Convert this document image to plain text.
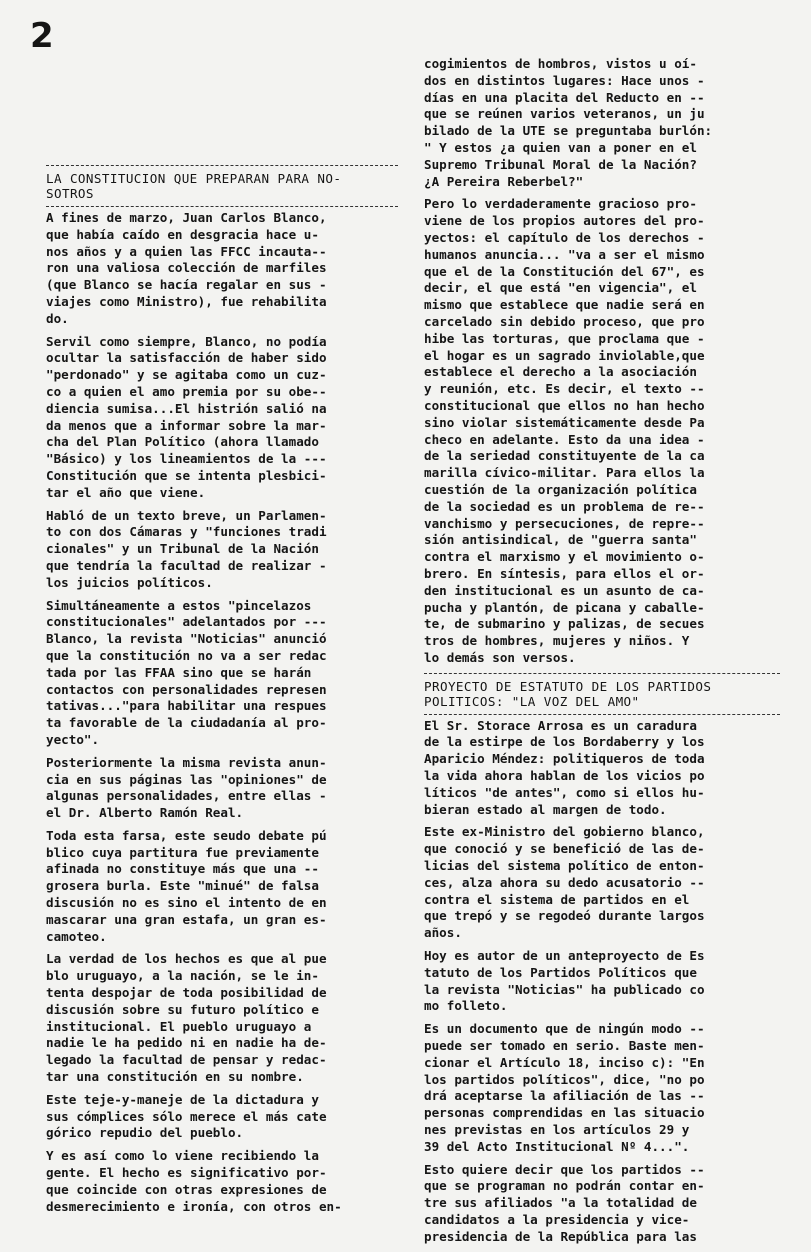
2

LA CONSTITUCION QUE PREPARAN PARA NO-
SOTROS

A fines de marzo, Juan Carlos Blanco,
que había caído en desgracia hace u-
nos años y a quien las FFCC incauta--
ron una valiosa colección de marfiles
(que Blanco se hacía regalar en sus -
viajes como Ministro), fue rehabilita
do.

Servil como siempre, Blanco, no podía
ocultar la satisfacción de haber sido
"perdonado" y se agitaba como un cuz-
co a quien el amo premia por su obe--
diencia sumisa...El histrión salió na
da menos que a informar sobre la mar-
cha del Plan Político (ahora llamado
"Básico) y los lineamientos de la ---
Constitución que se intenta plesbici-
tar el año que viene.

Habló de un texto breve, un Parlamen-
to con dos Cámaras y "funciones tradi
cionales" y un Tribunal de la Nación
que tendría la facultad de realizar -
los juicios políticos.

Simultáneamente a estos "pincelazos
constitucionales" adelantados por ---
Blanco, la revista "Noticias" anunció
que la constitución no va a ser redac
tada por las FFAA sino que se harán
contactos con personalidades represen
tativas..."para habilitar una respues
ta favorable de la ciudadanía al pro-
yecto".

Posteriormente la misma revista anun-
cia en sus páginas las "opiniones" de
algunas personalidades, entre ellas -
el Dr. Alberto Ramón Real.

Toda esta farsa, este seudo debate pú
blico cuya partitura fue previamente
afinada no constituye más que una --
grosera burla. Este "minué" de falsa
discusión no es sino el intento de en
mascarar una gran estafa, un gran es-
camoteo.

La verdad de los hechos es que al pue
blo uruguayo, a la nación, se le in-
tenta despojar de toda posibilidad de
discusión sobre su futuro político e
institucional. El pueblo uruguayo a
nadie le ha pedido ni en nadie ha de-
legado la facultad de pensar y redac-
tar una constitución en su nombre.

Este teje-y-maneje de la dictadura y
sus cómplices sólo merece el más cate
górico repudio del pueblo.

Y es así como lo viene recibiendo la
gente. El hecho es significativo por-
que coincide con otras expresiones de
desmerecimiento e ironía, con otros en-

cogimientos de hombros, vistos u oí-
dos en distintos lugares: Hace unos -
días en una placita del Reducto en --
que se reúnen varios veteranos, un ju
bilado de la UTE se preguntaba burlón:
" Y estos ¿a quien van a poner en el
Supremo Tribunal Moral de la Nación?
¿A Pereira Reberbel?"

Pero lo verdaderamente gracioso pro-
viene de los propios autores del pro-
yectos: el capítulo de los derechos -
humanos anuncia... "va a ser el mismo
que el de la Constitución del 67", es
decir, el que está "en vigencia", el
mismo que establece que nadie será en
carcelado sin debido proceso, que pro
hibe las torturas, que proclama que -
el hogar es un sagrado inviolable,que
establece el derecho a la asociación
y reunión, etc. Es decir, el texto --
constitucional que ellos no han hecho
sino violar sistemáticamente desde Pa
checo en adelante. Esto da una idea -
de la seriedad constituyente de la ca
marilla cívico-militar. Para ellos la
cuestión de la organización política
de la sociedad es un problema de re--
vanchismo y persecuciones, de repre--
sión antisindical, de "guerra santa"
contra el marxismo y el movimiento o-
brero. En síntesis, para ellos el or-
den institucional es un asunto de ca-
pucha y plantón, de picana y caballe-
te, de submarino y palizas, de secues
tros de hombres, mujeres y niños. Y
lo demás son versos.

PROYECTO DE ESTATUTO DE LOS PARTIDOS
POLITICOS: "LA VOZ DEL AMO"

El Sr. Storace Arrosa es un caradura
de la estirpe de los Bordaberry y los
Aparicio Méndez: politiqueros de toda
la vida ahora hablan de los vicios po
líticos "de antes", como si ellos hu-
bieran estado al margen de todo.

Este ex-Ministro del gobierno blanco,
que conoció y se benefició de las de-
licias del sistema político de enton-
ces, alza ahora su dedo acusatorio --
contra el sistema de partidos en el
que trepó y se regodeó durante largos
años.

Hoy es autor de un anteproyecto de Es
tatuto de los Partidos Políticos que
la revista "Noticias" ha publicado co
mo folleto.

Es un documento que de ningún modo --
puede ser tomado en serio. Baste men-
cionar el Artículo 18, inciso c): "En
los partidos políticos", dice, "no po
drá aceptarse la afiliación de las --
personas comprendidas en las situacio
nes previstas en los artículos 29 y
39 del Acto Institucional Nº 4...".

Esto quiere decir que los partidos --
que se programan no podrán contar en-
tre sus afiliados "a la totalidad de
candidatos a la presidencia y vice-
presidencia de la República para las
